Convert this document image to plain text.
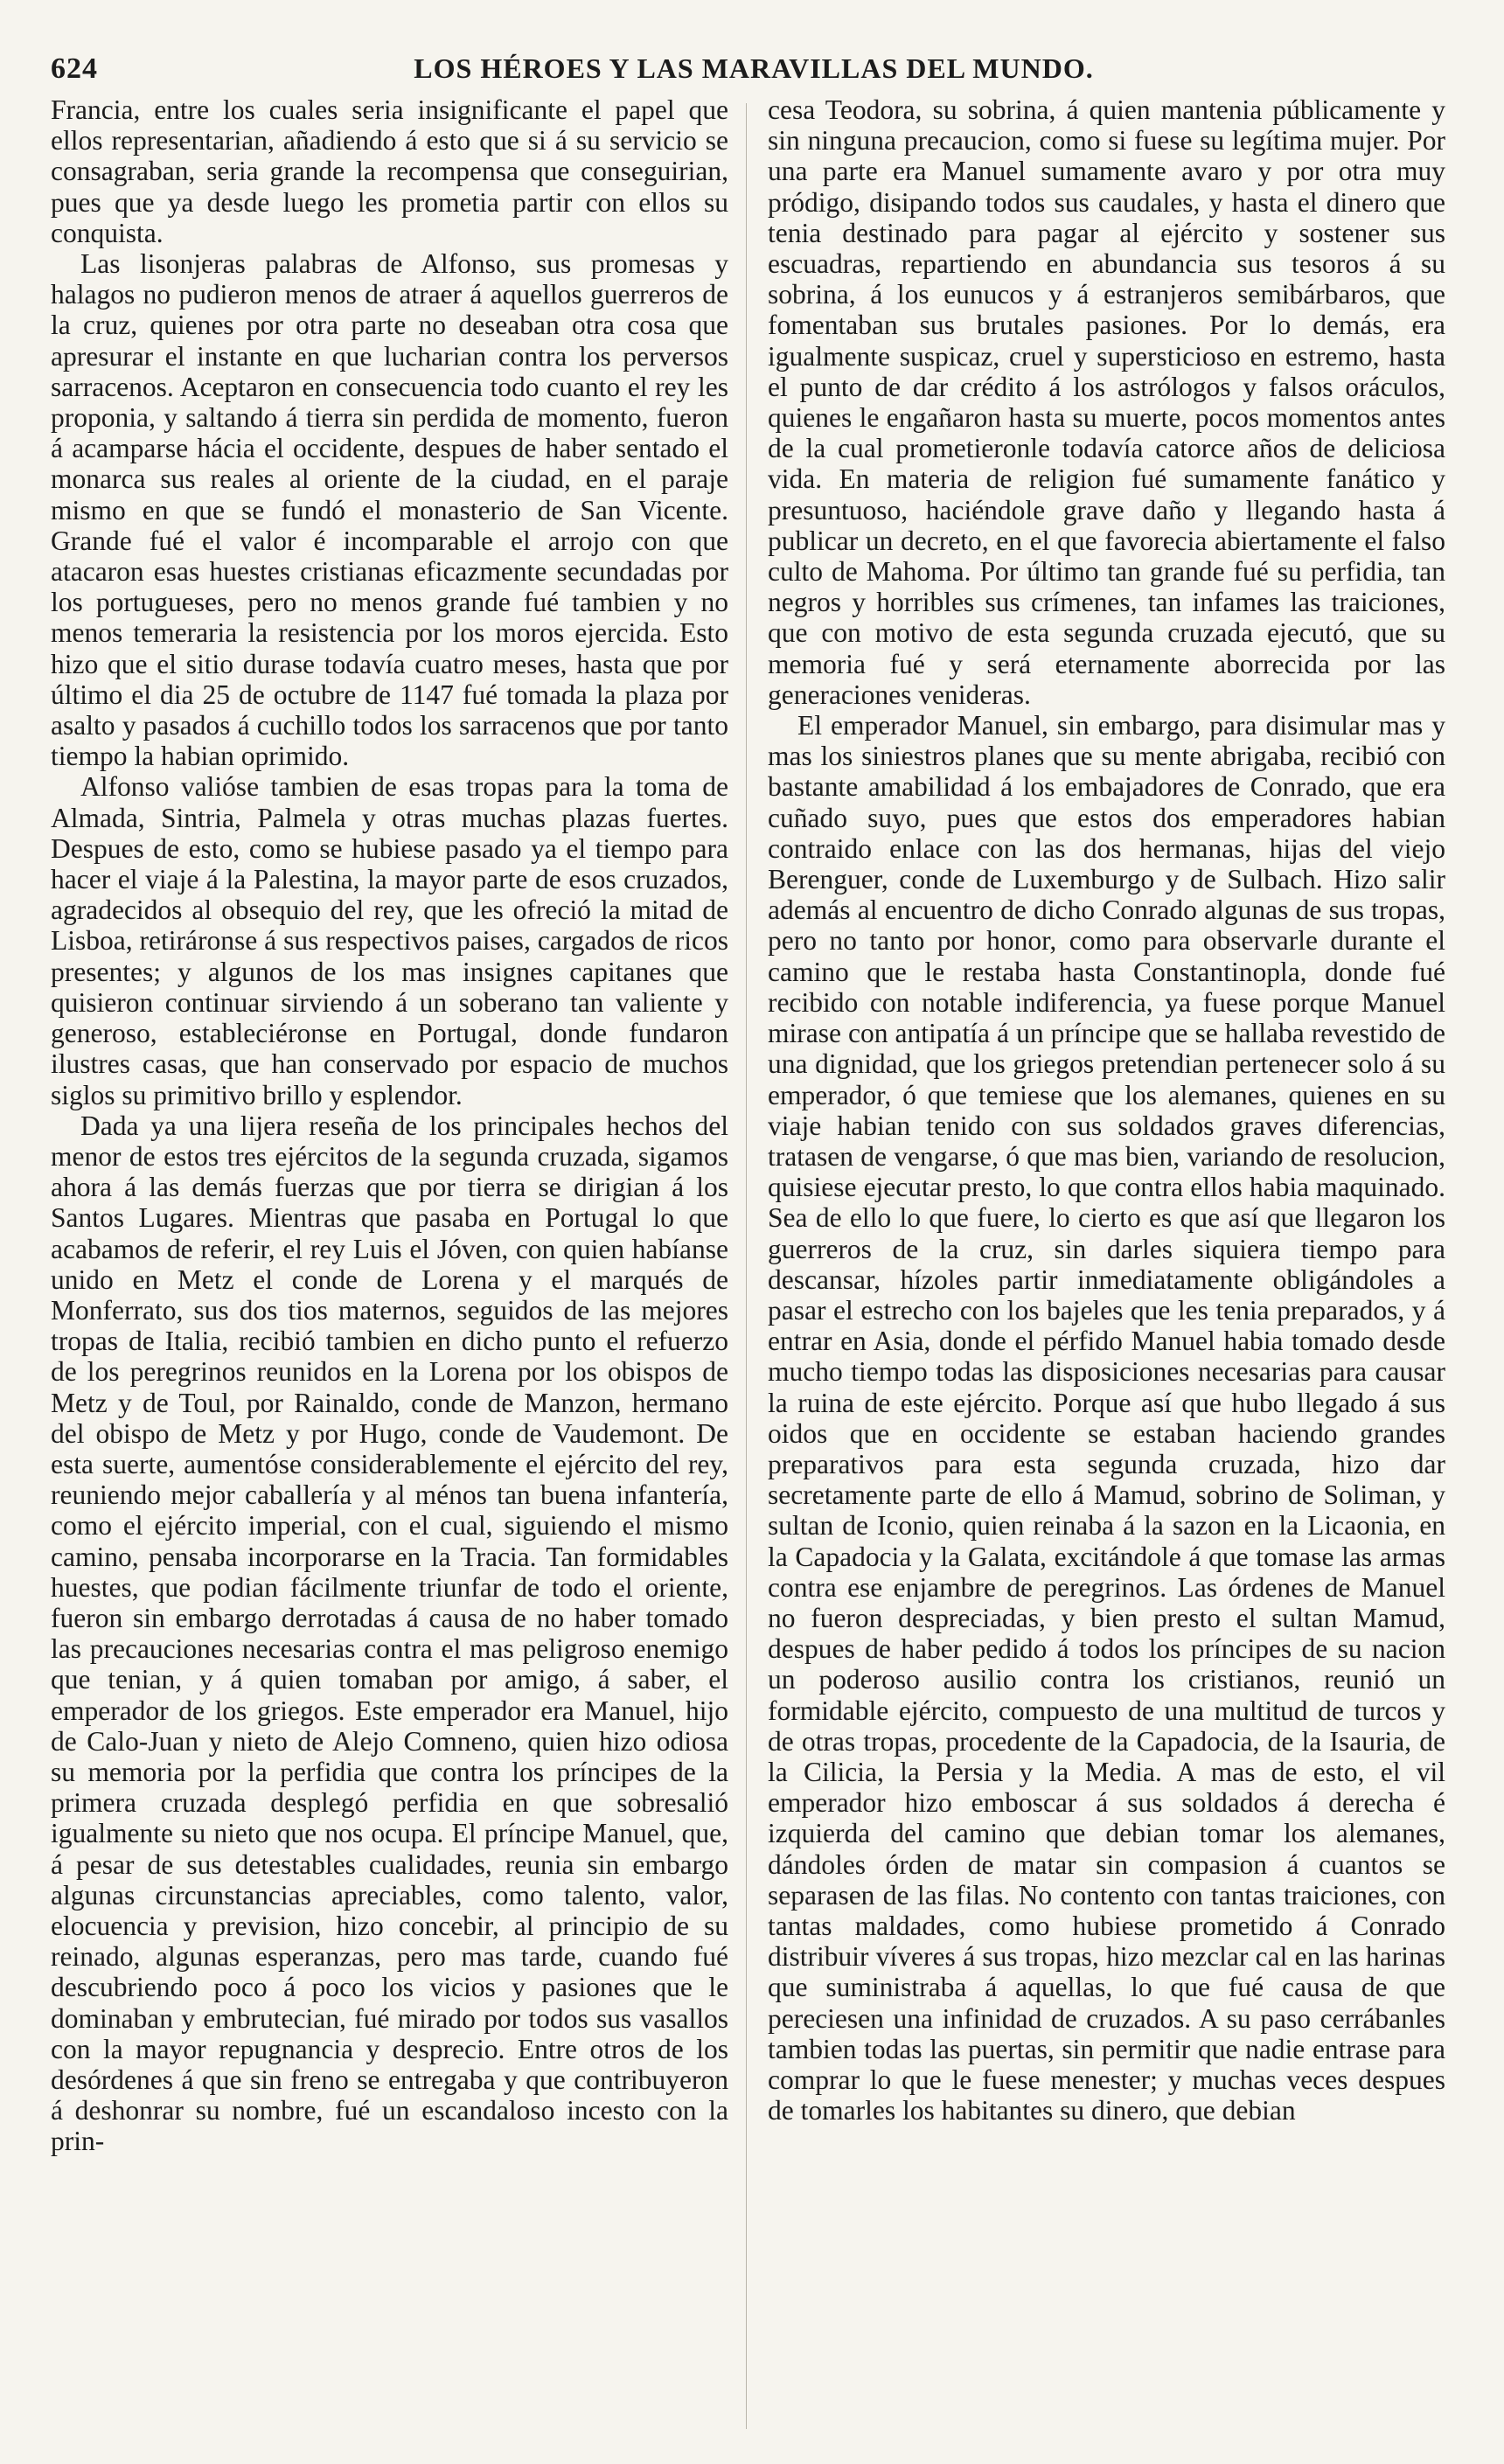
624	LOS HÉROES Y LAS MARAVILLAS DEL MUNDO.

Francia, entre los cuales seria insignificante el papel que ellos representarian, añadiendo á esto que si á su servicio se consagraban, seria grande la recompensa que conseguirian, pues que ya desde luego les prometia partir con ellos su conquista.

Las lisonjeras palabras de Alfonso, sus promesas y halagos no pudieron menos de atraer á aquellos guerreros de la cruz, quienes por otra parte no deseaban otra cosa que apresurar el instante en que lucharian contra los perversos sarracenos. Aceptaron en consecuencia todo cuanto el rey les proponia, y saltando á tierra sin perdida de momento, fueron á acamparse hácia el occidente, despues de haber sentado el monarca sus reales al oriente de la ciudad, en el paraje mismo en que se fundó el monasterio de San Vicente. Grande fué el valor é incomparable el arrojo con que atacaron esas huestes cristianas eficazmente secundadas por los portugueses, pero no menos grande fué tambien y no menos temeraria la resistencia por los moros ejercida. Esto hizo que el sitio durase todavía cuatro meses, hasta que por último el dia 25 de octubre de 1147 fué tomada la plaza por asalto y pasados á cuchillo todos los sarracenos que por tanto tiempo la habian oprimido.

Alfonso valióse tambien de esas tropas para la toma de Almada, Sintria, Palmela y otras muchas plazas fuertes. Despues de esto, como se hubiese pasado ya el tiempo para hacer el viaje á la Palestina, la mayor parte de esos cruzados, agradecidos al obsequio del rey, que les ofreció la mitad de Lisboa, retiráronse á sus respectivos paises, cargados de ricos presentes; y algunos de los mas insignes capitanes que quisieron continuar sirviendo á un soberano tan valiente y generoso, estableciéronse en Portugal, donde fundaron ilustres casas, que han conservado por espacio de muchos siglos su primitivo brillo y esplendor.

Dada ya una lijera reseña de los principales hechos del menor de estos tres ejércitos de la segunda cruzada, sigamos ahora á las demás fuerzas que por tierra se dirigian á los Santos Lugares. Mientras que pasaba en Portugal lo que acabamos de referir, el rey Luis el Jóven, con quien habíanse unido en Metz el conde de Lorena y el marqués de Monferrato, sus dos tios maternos, seguidos de las mejores tropas de Italia, recibió tambien en dicho punto el refuerzo de los peregrinos reunidos en la Lorena por los obispos de Metz y de Toul, por Rainaldo, conde de Manzon, hermano del obispo de Metz y por Hugo, conde de Vaudemont. De esta suerte, aumentóse considerablemente el ejército del rey, reuniendo mejor caballería y al ménos tan buena infantería, como el ejército imperial, con el cual, siguiendo el mismo camino, pensaba incorporarse en la Tracia. Tan formidables huestes, que podian fácilmente triunfar de todo el oriente, fueron sin embargo derrotadas á causa de no haber tomado las precauciones necesarias contra el mas peligroso enemigo que tenian, y á quien tomaban por amigo, á saber, el emperador de los griegos. Este emperador era Manuel, hijo de Calo-Juan y nieto de Alejo Comneno, quien hizo odiosa su memoria por la perfidia que contra los príncipes de la primera cruzada desplegó perfidia en que sobresalió igualmente su nieto que nos ocupa. El príncipe Manuel, que, á pesar de sus detestables cualidades, reunia sin embargo algunas circunstancias apreciables, como talento, valor, elocuencia y prevision, hizo concebir, al principio de su reinado, algunas esperanzas, pero mas tarde, cuando fué descubriendo poco á poco los vicios y pasiones que le dominaban y embrutecian, fué mirado por todos sus vasallos con la mayor repugnancia y desprecio. Entre otros de los desórdenes á que sin freno se entregaba y que contribuyeron á deshonrar su nombre, fué un escandaloso incesto con la prin-

cesa Teodora, su sobrina, á quien mantenia públicamente y sin ninguna precaucion, como si fuese su legítima mujer. Por una parte era Manuel sumamente avaro y por otra muy pródigo, disipando todos sus caudales, y hasta el dinero que tenia destinado para pagar al ejército y sostener sus escuadras, repartiendo en abundancia sus tesoros á su sobrina, á los eunucos y á estranjeros semibárbaros, que fomentaban sus brutales pasiones. Por lo demás, era igualmente suspicaz, cruel y supersticioso en estremo, hasta el punto de dar crédito á los astrólogos y falsos oráculos, quienes le engañaron hasta su muerte, pocos momentos antes de la cual prometieronle todavía catorce años de deliciosa vida. En materia de religion fué sumamente fanático y presuntuoso, haciéndole grave daño y llegando hasta á publicar un decreto, en el que favorecia abiertamente el falso culto de Mahoma. Por último tan grande fué su perfidia, tan negros y horribles sus crímenes, tan infames las traiciones, que con motivo de esta segunda cruzada ejecutó, que su memoria fué y será eternamente aborrecida por las generaciones venideras.

El emperador Manuel, sin embargo, para disimular mas y mas los siniestros planes que su mente abrigaba, recibió con bastante amabilidad á los embajadores de Conrado, que era cuñado suyo, pues que estos dos emperadores habian contraido enlace con las dos hermanas, hijas del viejo Berenguer, conde de Luxemburgo y de Sulbach. Hizo salir además al encuentro de dicho Conrado algunas de sus tropas, pero no tanto por honor, como para observarle durante el camino que le restaba hasta Constantinopla, donde fué recibido con notable indiferencia, ya fuese porque Manuel mirase con antipatía á un príncipe que se hallaba revestido de una dignidad, que los griegos pretendian pertenecer solo á su emperador, ó que temiese que los alemanes, quienes en su viaje habian tenido con sus soldados graves diferencias, tratasen de vengarse, ó que mas bien, variando de resolucion, quisiese ejecutar presto, lo que contra ellos habia maquinado. Sea de ello lo que fuere, lo cierto es que así que llegaron los guerreros de la cruz, sin darles siquiera tiempo para descansar, hízoles partir inmediatamente obligándoles a pasar el estrecho con los bajeles que les tenia preparados, y á entrar en Asia, donde el pérfido Manuel habia tomado desde mucho tiempo todas las disposiciones necesarias para causar la ruina de este ejército. Porque así que hubo llegado á sus oidos que en occidente se estaban haciendo grandes preparativos para esta segunda cruzada, hizo dar secretamente parte de ello á Mamud, sobrino de Soliman, y sultan de Iconio, quien reinaba á la sazon en la Licaonia, en la Capadocia y la Galata, excitándole á que tomase las armas contra ese enjambre de peregrinos. Las órdenes de Manuel no fueron despreciadas, y bien presto el sultan Mamud, despues de haber pedido á todos los príncipes de su nacion un poderoso ausilio contra los cristianos, reunió un formidable ejército, compuesto de una multitud de turcos y de otras tropas, procedente de la Capadocia, de la Isauria, de la Cilicia, la Persia y la Media. A mas de esto, el vil emperador hizo emboscar á sus soldados á derecha é izquierda del camino que debian tomar los alemanes, dándoles órden de matar sin compasion á cuantos se separasen de las filas. No contento con tantas traiciones, con tantas maldades, como hubiese prometido á Conrado distribuir víveres á sus tropas, hizo mezclar cal en las harinas que suministraba á aquellas, lo que fué causa de que pereciesen una infinidad de cruzados. A su paso cerrábanles tambien todas las puertas, sin permitir que nadie entrase para comprar lo que le fuese menester; y muchas veces despues de tomarles los habitantes su dinero, que debian
